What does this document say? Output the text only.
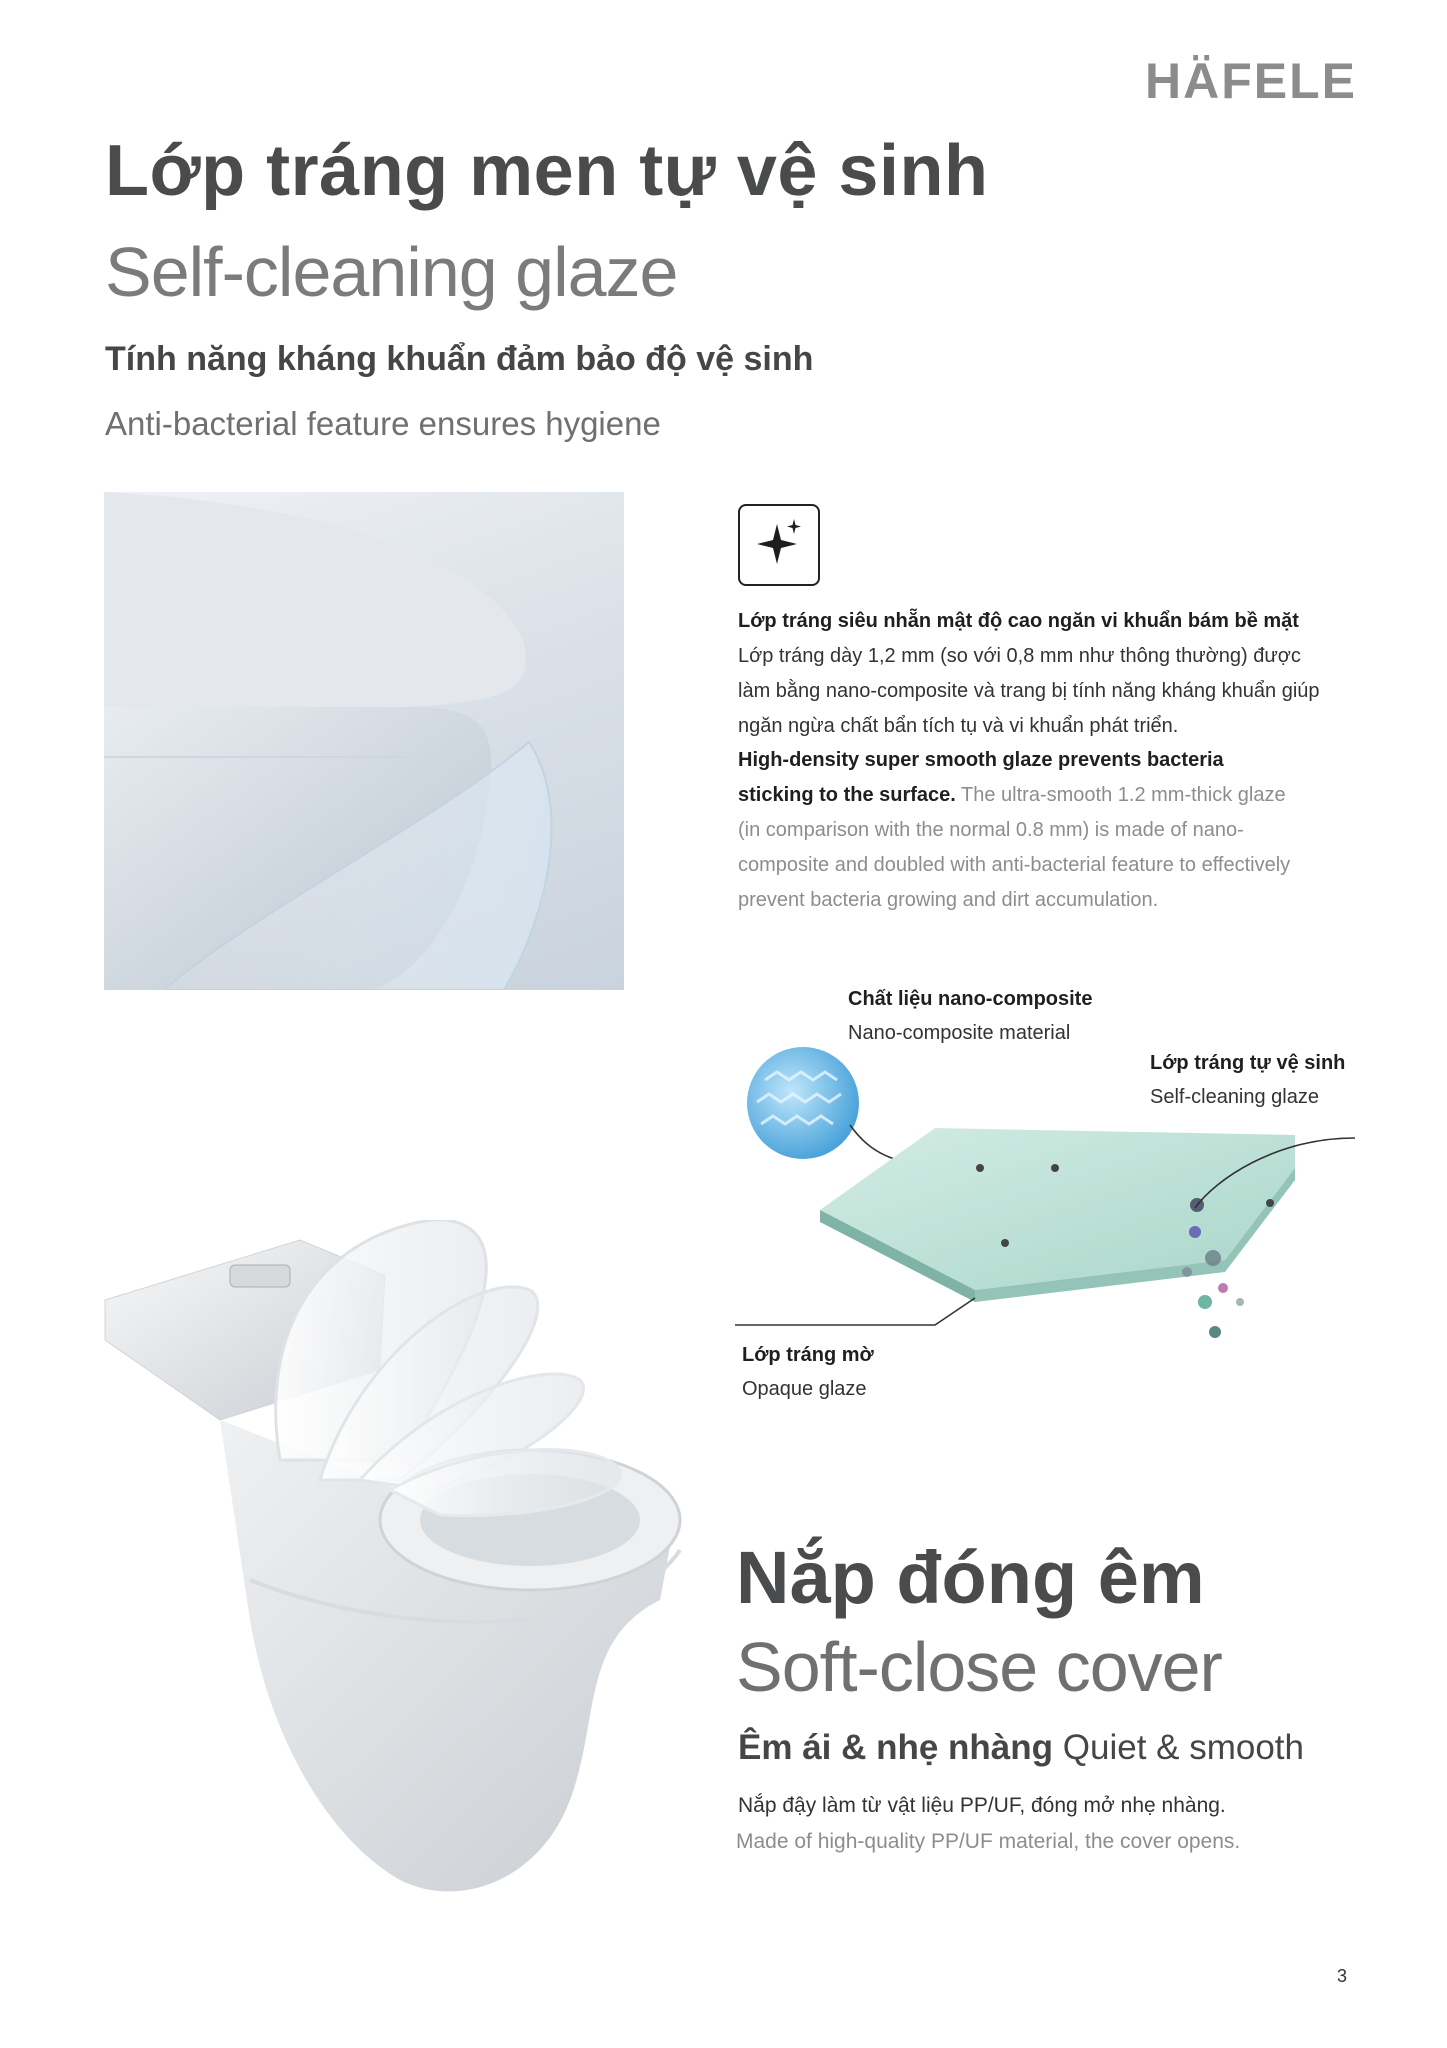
HÄFELE
Lớp tráng men tự vệ sinh
Self-cleaning glaze
Tính năng kháng khuẩn đảm bảo độ vệ sinh
Anti-bacterial feature ensures hygiene
Lớp tráng siêu nhẵn mật độ cao ngăn vi khuẩn bám bề mặt
Lớp tráng dày 1,2 mm (so với 0,8 mm như thông thường) được
làm bằng nano-composite và trang bị tính năng kháng khuẩn giúp
ngăn ngừa chất bẩn tích tụ và vi khuẩn phát triển.
High-density super smooth glaze prevents bacteria
sticking to the surface. The ultra-smooth 1.2 mm-thick glaze
(in comparison with the normal 0.8 mm) is made of nano-
composite and doubled with anti-bacterial feature to effectively
prevent bacteria growing and dirt accumulation.
Chất liệu nano-composite
Nano-composite material
Lớp tráng tự vệ sinh
Self-cleaning glaze
Lớp tráng mờ
Opaque glaze
Nắp đóng êm
Soft-close cover
Êm ái & nhẹ nhàng Quiet & smooth
Nắp đậy làm từ vật liệu PP/UF, đóng mở nhẹ nhàng.
Made of high-quality PP/UF material, the cover opens.
3
